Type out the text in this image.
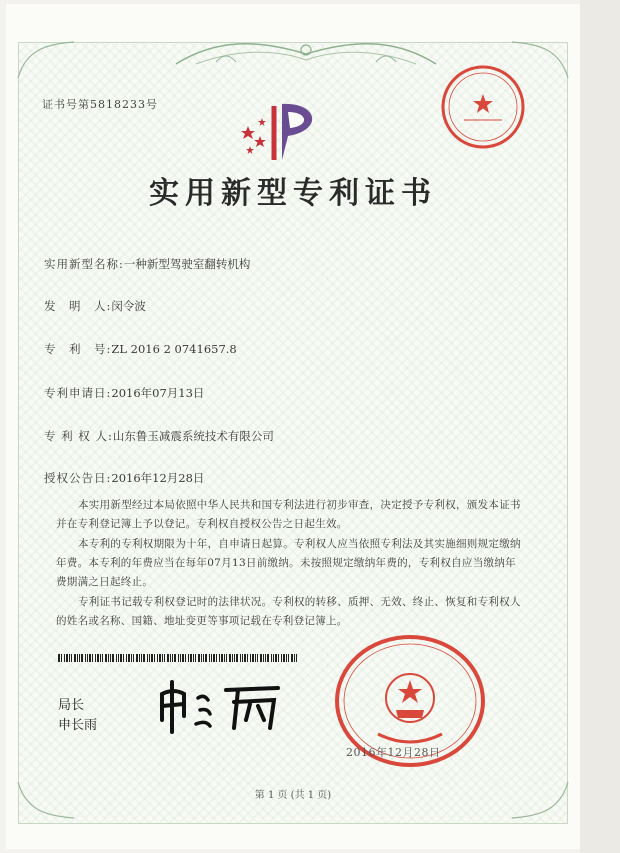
证书号第5818233号
实用新型专利证书
实用新型名称:一种新型驾驶室翻转机构
发　明　人:闵令波
专　利　号:ZL 2016 2 0741657.8
专利申请日:2016年07月13日
专 利 权 人:山东鲁玉减震系统技术有限公司
授权公告日:2016年12月28日
本实用新型经过本局依照中华人民共和国专利法进行初步审查，决定授予专利权，颁发本证书并在专利登记簿上予以登记。专利权自授权公告之日起生效。
本专利的专利权期限为十年，自申请日起算。专利权人应当依照专利法及其实施细则规定缴纳年费。本专利的年费应当在每年07月13日前缴纳。未按照规定缴纳年费的，专利权自应当缴纳年费期满之日起终止。
专利证书记载专利权登记时的法律状况。专利权的转移、质押、无效、终止、恢复和专利权人的姓名或名称、国籍、地址变更等事项记载在专利登记簿上。
局长
申长雨
2016年12月28日
第 1 页 (共 1 页)
